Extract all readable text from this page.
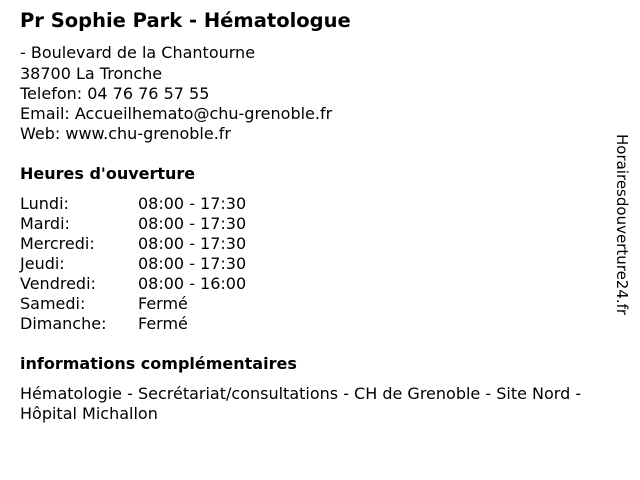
Pr Sophie Park - Hématologue
- Boulevard de la Chantourne
38700 La Tronche
Telefon: 04 76 76 57 55
Email: Accueilhemato@chu-grenoble.fr
Web: www.chu-grenoble.fr
Heures d'ouverture
Lundi:	08:00 - 17:30
Mardi:	08:00 - 17:30
Mercredi:	08:00 - 17:30
Jeudi:	08:00 - 17:30
Vendredi:	08:00 - 16:00
Samedi:	Fermé
Dimanche: Fermé
informations complémentaires
Hématologie - Secrétariat/consultations - CH de Grenoble - Site Nord - Hôpital Michallon
Horairesdouverture24.fr
